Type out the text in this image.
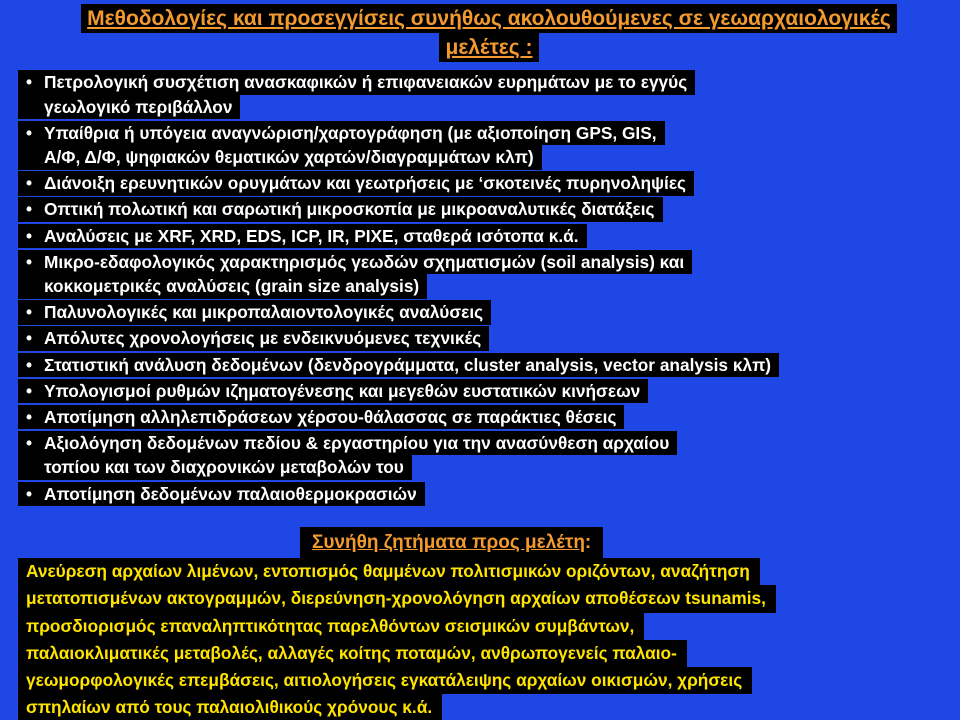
Μεθοδολογίες και προσεγγίσεις συνήθως ακολουθούμενες σε γεωαρχαιολογικές
μελέτες :
• Πετρολογική συσχέτιση ανασκαφικών ή επιφανειακών ευρημάτων με το εγγύς
γεωλογικό περιβάλλον
• Υπαίθρια ή υπόγεια αναγνώριση/χαρτογράφηση (με αξιοποίηση GPS, GIS,
Α/Φ, Δ/Φ, ψηφιακών θεματικών χαρτών/διαγραμμάτων κλπ)
• Διάνοιξη ερευνητικών ορυγμάτων και γεωτρήσεις με ‘σκοτεινές πυρηνοληψίες
• Οπτική πολωτική και σαρωτική μικροσκοπία με μικροαναλυτικές διατάξεις
• Αναλύσεις με XRF, XRD, EDS, ICP, IR, PIXE, σταθερά ισότοπα κ.ά.
• Μικρο-εδαφολογικός χαρακτηρισμός γεωδών σχηματισμών (soil analysis) και
κοκκομετρικές αναλύσεις (grain size analysis)
• Παλυνολογικές και μικροπαλαιοντολογικές αναλύσεις
• Απόλυτες χρονολογήσεις με ενδεικνυόμενες τεχνικές
• Στατιστική ανάλυση δεδομένων (δενδρογράμματα, cluster analysis, vector analysis κλπ)
• Υπολογισμοί ρυθμών ιζηματογένεσης και μεγεθών ευστατικών κινήσεων
• Αποτίμηση αλληλεπιδράσεων χέρσου-θάλασσας σε παράκτιες θέσεις
• Αξιολόγηση δεδομένων πεδίου & εργαστηρίου για την ανασύνθεση αρχαίου
τοπίου και των διαχρονικών μεταβολών του
• Αποτίμηση δεδομένων παλαιοθερμοκρασιών
Συνήθη ζητήματα προς μελέτη:
Ανεύρεση αρχαίων λιμένων, εντοπισμός θαμμένων πολιτισμικών οριζόντων, αναζήτηση
μετατοπισμένων ακτογραμμών, διερεύνηση-χρονολόγηση αρχαίων αποθέσεων tsunamis,
προσδιορισμός επαναληπτικότητας παρελθόντων σεισμικών συμβάντων,
παλαιοκλιματικές μεταβολές, αλλαγές κοίτης ποταμών, ανθρωπογενείς παλαιο-
γεωμορφολογικές επεμβάσεις, αιτιολογήσεις εγκατάλειψης αρχαίων οικισμών, χρήσεις
σπηλαίων από τους παλαιολιθικούς χρόνους κ.ά.
